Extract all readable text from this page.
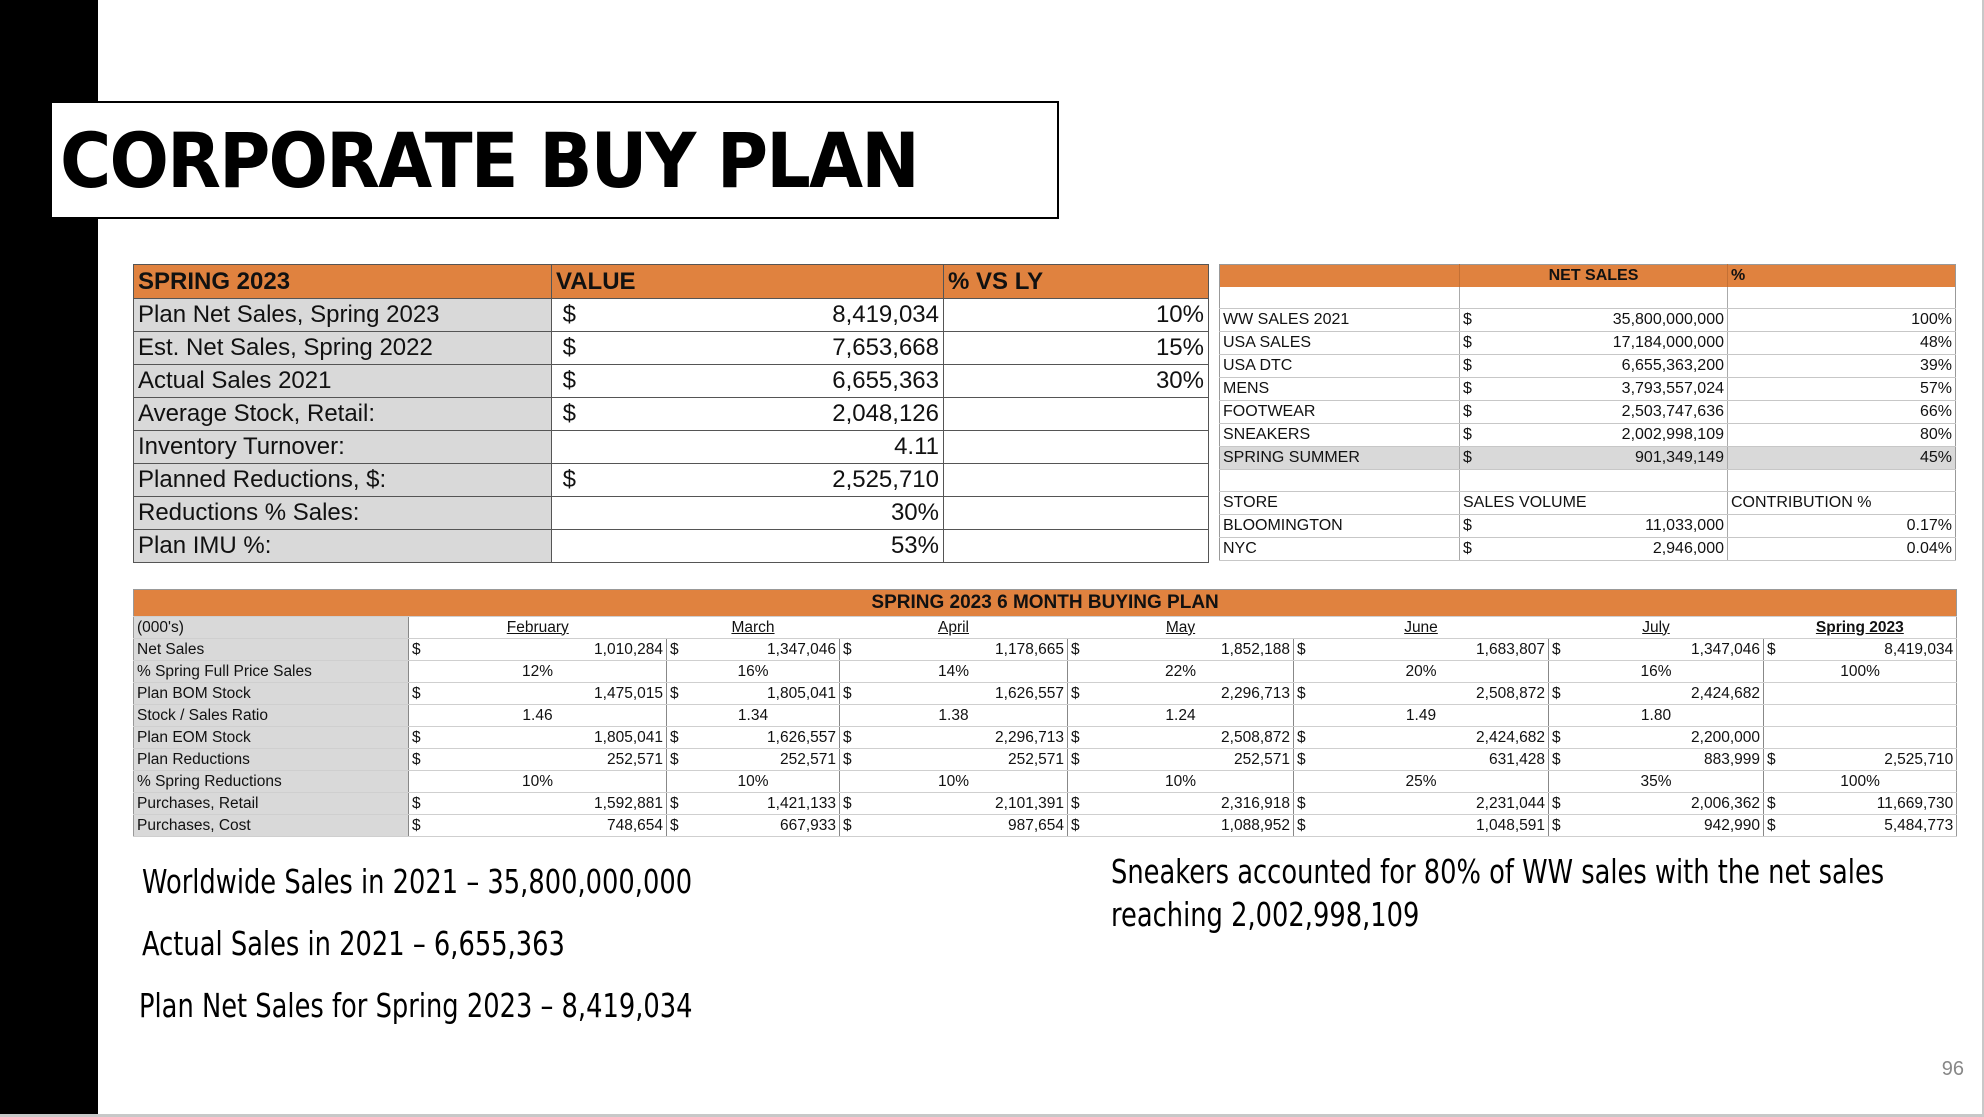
CORPORATE BUY PLAN
SPRING 2023	VALUE	% VS LY
Plan Net Sales, Spring 2023	$ 8,419,034	10%
Est. Net Sales, Spring 2022	$ 7,653,668	15%
Actual Sales 2021	$ 6,655,363	30%
Average Stock, Retail:	$ 2,048,126	
Inventory Turnover:	4.11	
Planned Reductions, $:	$ 2,525,710	
Reductions % Sales:	30%	
Plan IMU %:	53%	
	NET SALES	%

WW SALES 2021	$ 35,800,000,000	100%
USA SALES	$ 17,184,000,000	48%
USA DTC	$ 6,655,363,200	39%
MENS	$ 3,793,557,024	57%
FOOTWEAR	$ 2,503,747,636	66%
SNEAKERS	$ 2,002,998,109	80%
SPRING SUMMER	$ 901,349,149	45%

STORE	SALES VOLUME	CONTRIBUTION %
BLOOMINGTON	$ 11,033,000	0.17%
NYC	$ 2,946,000	0.04%
SPRING 2023 6 MONTH BUYING PLAN														
(000's)	February		March		April		May		June		July		Spring 2023	
Net Sales	$	1,010,284	$	1,347,046	$	1,178,665	$	1,852,188	$	1,683,807	$	1,347,046	$	8,419,034
% Spring Full Price Sales	12%		16%		14%		22%		20%		16%		100%	
Plan BOM Stock	$	1,475,015	$	1,805,041	$	1,626,557	$	2,296,713	$	2,508,872	$	2,424,682		
Stock / Sales Ratio	1.46		1.34		1.38		1.24		1.49		1.80			
Plan EOM Stock	$	1,805,041	$	1,626,557	$	2,296,713	$	2,508,872	$	2,424,682	$	2,200,000		
Plan Reductions	$	252,571	$	252,571	$	252,571	$	252,571	$	631,428	$	883,999	$	2,525,710
% Spring Reductions	10%		10%		10%		10%		25%		35%		100%	
Purchases, Retail	$	1,592,881	$	1,421,133	$	2,101,391	$	2,316,918	$	2,231,044	$	2,006,362	$	11,669,730
Purchases, Cost	$	748,654	$	667,933	$	987,654	$	1,088,952	$	1,048,591	$	942,990	$	5,484,773
Worldwide Sales in 2021 – 35,800,000,000
Actual Sales in 2021 – 6,655,363
Plan Net Sales for Spring 2023 – 8,419,034
Sneakers accounted for 80% of WW sales with the net sales
reaching 2,002,998,109
96
